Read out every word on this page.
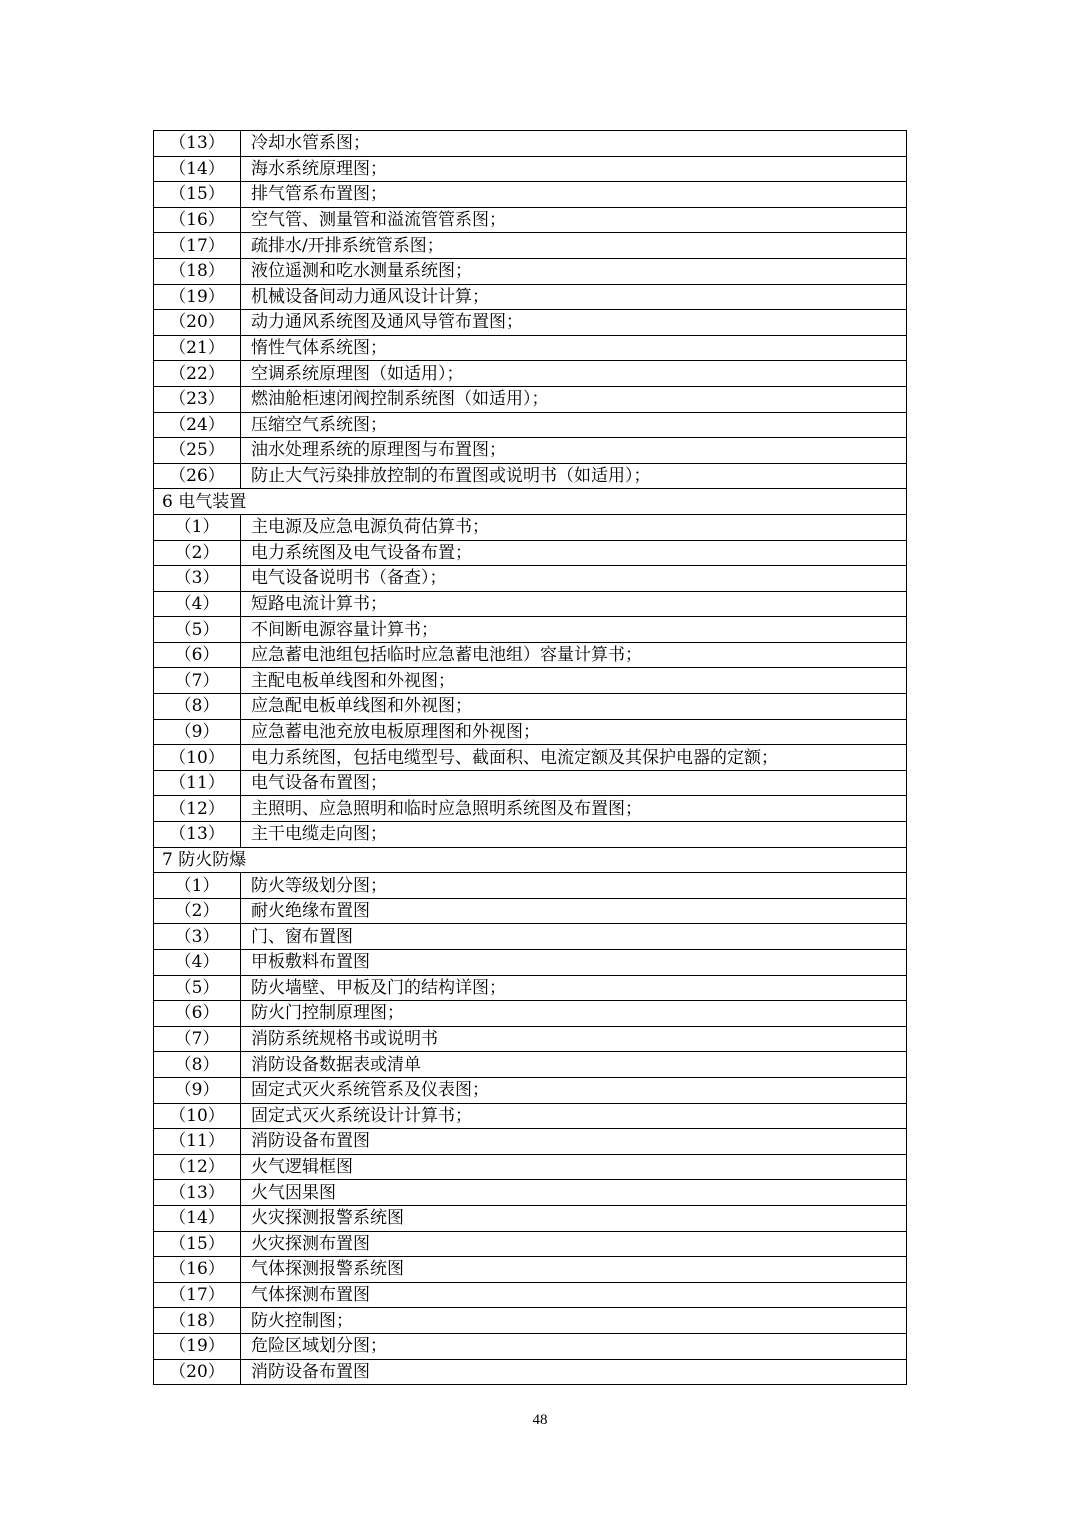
（13）	冷却水管系图；
（14）	海水系统原理图；
（15）	排气管系布置图；
（16）	空气管、测量管和溢流管管系图；
（17）	疏排水/开排系统管系图；
（18）	液位遥测和吃水测量系统图；
（19）	机械设备间动力通风设计计算；
（20）	动力通风系统图及通风导管布置图；
（21）	惰性气体系统图；
（22）	空调系统原理图（如适用）；
（23）	燃油舱柜速闭阀控制系统图（如适用）；
（24）	压缩空气系统图；
（25）	油水处理系统的原理图与布置图；
（26）	防止大气污染排放控制的布置图或说明书（如适用）；
6 电气装置	
（1）	主电源及应急电源负荷估算书；
（2）	电力系统图及电气设备布置；
（3）	电气设备说明书（备查）；
（4）	短路电流计算书；
（5）	不间断电源容量计算书；
（6）	应急蓄电池组包括临时应急蓄电池组）容量计算书；
（7）	主配电板单线图和外视图；
（8）	应急配电板单线图和外视图；
（9）	应急蓄电池充放电板原理图和外视图；
（10）	电力系统图，包括电缆型号、截面积、电流定额及其保护电器的定额；
（11）	电气设备布置图；
（12）	主照明、应急照明和临时应急照明系统图及布置图；
（13）	主干电缆走向图；
7 防火防爆	
（1）	防火等级划分图；
（2）	耐火绝缘布置图
（3）	门、窗布置图
（4）	甲板敷料布置图
（5）	防火墙壁、甲板及门的结构详图；
（6）	防火门控制原理图；
（7）	消防系统规格书或说明书
（8）	消防设备数据表或清单
（9）	固定式灭火系统管系及仪表图；
（10）	固定式灭火系统设计计算书；
（11）	消防设备布置图
（12）	火气逻辑框图
（13）	火气因果图
（14）	火灾探测报警系统图
（15）	火灾探测布置图
（16）	气体探测报警系统图
（17）	气体探测布置图
（18）	防火控制图；
（19）	危险区域划分图；
（20）	消防设备布置图
48
